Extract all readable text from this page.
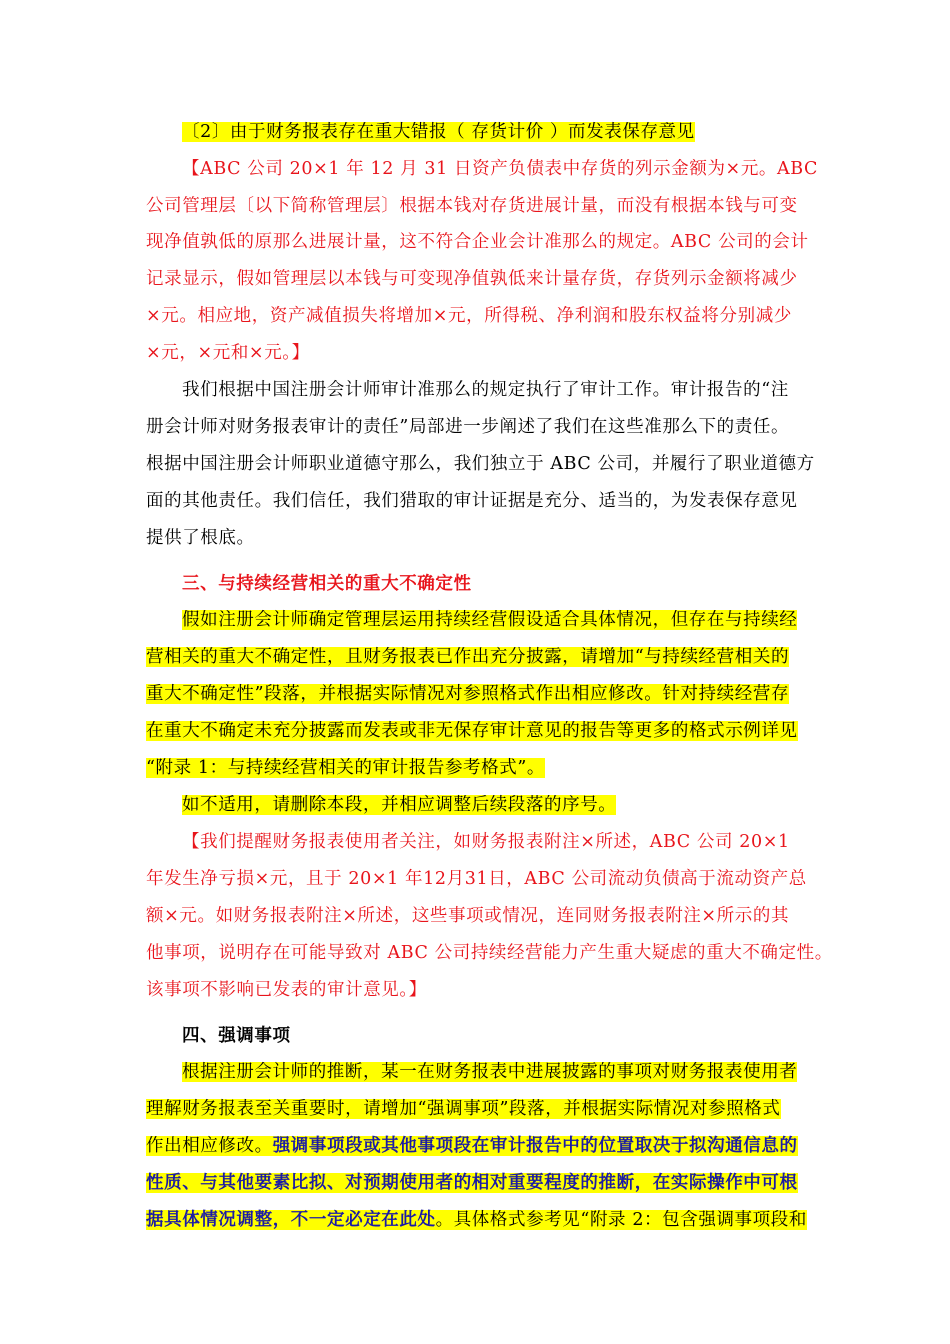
〔2〕由于财务报表存在重大错报（ 存货计价 ）而发表保存意见
【ABC 公司 20×1 年 12 月 31 日资产负债表中存货的列示金额为×元。ABC
公司管理层〔以下简称管理层〕根据本钱对存货进展计量，而没有根据本钱与可变
现净值孰低的原那么进展计量，这不符合企业会计准那么的规定。ABC 公司的会计
记录显示，假如管理层以本钱与可变现净值孰低来计量存货，存货列示金额将减少
×元。相应地，资产减值损失将增加×元，所得税、净利润和股东权益将分别减少
×元，×元和×元。】
我们根据中国注册会计师审计准那么的规定执行了审计工作。审计报告的“注
册会计师对财务报表审计的责任”局部进一步阐述了我们在这些准那么下的责任。
根据中国注册会计师职业道德守那么，我们独立于 ABC 公司，并履行了职业道德方
面的其他责任。我们信任，我们猎取的审计证据是充分、适当的，为发表保存意见
提供了根底。
三、与持续经营相关的重大不确定性
假如注册会计师确定管理层运用持续经营假设适合具体情况，但存在与持续经
营相关的重大不确定性，且财务报表已作出充分披露，请增加“与持续经营相关的
重大不确定性”段落，并根据实际情况对参照格式作出相应修改。针对持续经营存
在重大不确定未充分披露而发表或非无保存审计意见的报告等更多的格式示例详见
“附录 1：与持续经营相关的审计报告参考格式”。
如不适用，请删除本段，并相应调整后续段落的序号。
【我们提醒财务报表使用者关注，如财务报表附注×所述，ABC 公司 20×1
年发生净亏损×元，且于 20×1 年12月31日，ABC 公司流动负债高于流动资产总
额×元。如财务报表附注×所述，这些事项或情况，连同财务报表附注×所示的其
他事项，说明存在可能导致对 ABC 公司持续经营能力产生重大疑虑的重大不确定性。
该事项不影响已发表的审计意见。】
四、强调事项
根据注册会计师的推断，某一在财务报表中进展披露的事项对财务报表使用者
理解财务报表至关重要时，请增加“强调事项”段落，并根据实际情况对参照格式
作出相应修改。强调事项段或其他事项段在审计报告中的位置取决于拟沟通信息的
性质、与其他要素比拟、对预期使用者的相对重要程度的推断，在实际操作中可根
据具体情况调整，不一定必定在此处。具体格式参考见“附录 2：包含强调事项段和
